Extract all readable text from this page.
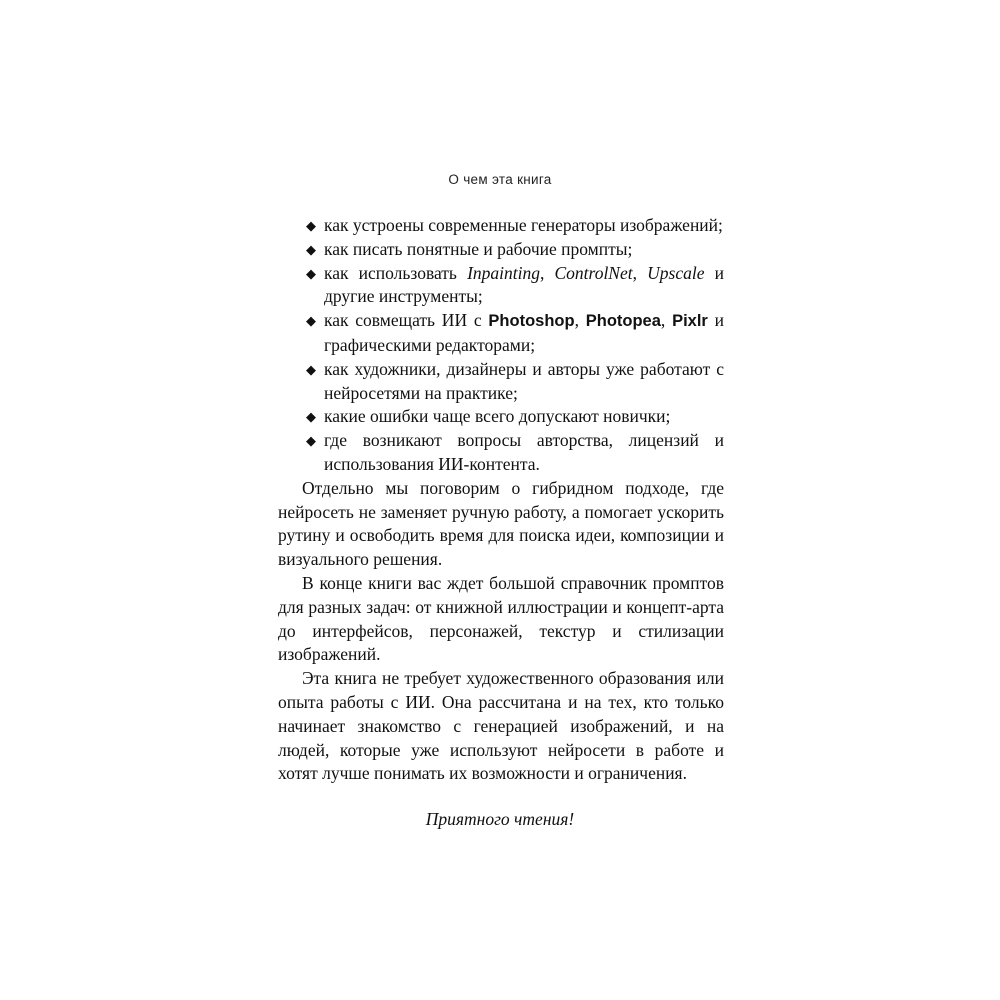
О чем эта книга
◆ как устроены современные генераторы изображений;
◆ как писать понятные и рабочие промпты;
◆ как использовать Inpainting, ControlNet, Upscale и другие инструменты;
◆ как совмещать ИИ с Photoshop, Photopea, Pixlr и графическими редакторами;
◆ как художники, дизайнеры и авторы уже работают с нейросетями на практике;
◆ какие ошибки чаще всего допускают новички;
◆ где возникают вопросы авторства, лицензий и использования ИИ-контента.

Отдельно мы поговорим о гибридном подходе, где нейросеть не заменяет ручную работу, а помогает ускорить рутину и освободить время для поиска идеи, композиции и визуального решения.

В конце книги вас ждет большой справочник промптов для разных задач: от книжной иллюстрации и концепт-арта до интерфейсов, персонажей, текстур и стилизации изображений.

Эта книга не требует художественного образования или опыта работы с ИИ. Она рассчитана и на тех, кто только начинает знакомство с генерацией изображений, и на людей, которые уже используют нейросети в работе и хотят лучше понимать их возможности и ограничения.

Приятного чтения!
